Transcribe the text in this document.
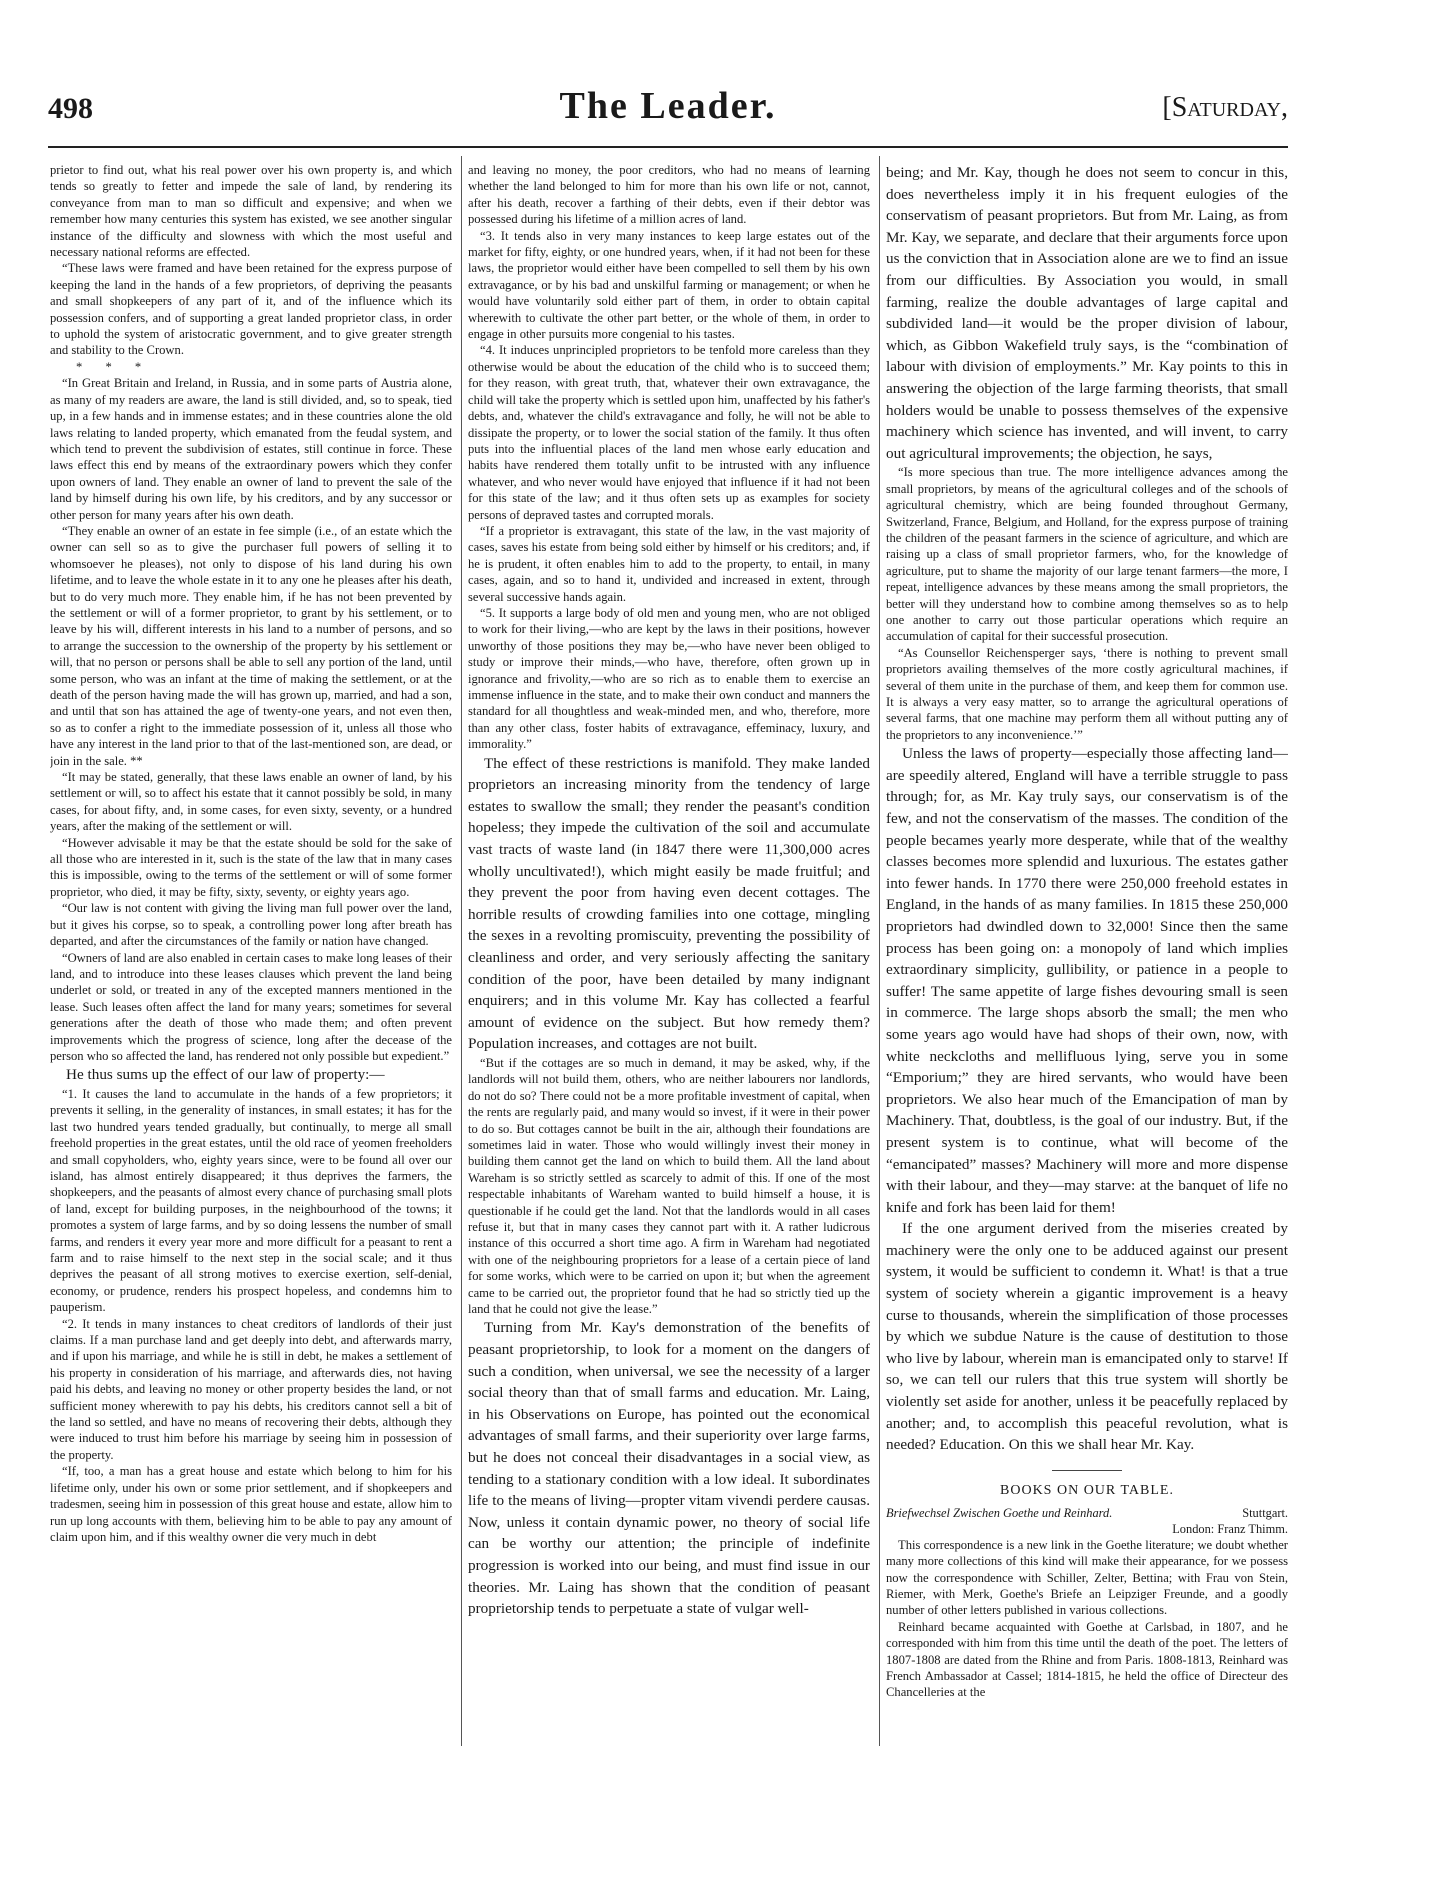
498	The Leader.	[Saturday,

prietor to find out, what his real power over his own property is, and which tends so greatly to fetter and impede the sale of land, by rendering its conveyance from man to man so difficult and expensive; and when we remember how many centuries this system has existed, we see another singular instance of the difficulty and slowness with which the most useful and necessary national reforms are effected.

“These laws were framed and have been retained for the express purpose of keeping the land in the hands of a few proprietors, of depriving the peasants and small shopkeepers of any part of it, and of the influence which its possession confers, and of supporting a great landed proprietor class, in order to uphold the system of aristocratic government, and to give greater strength and stability to the Crown.

* * *

“In Great Britain and Ireland, in Russia, and in some parts of Austria alone, as many of my readers are aware, the land is still divided, and, so to speak, tied up, in a few hands and in immense estates; and in these countries alone the old laws relating to landed property, which emanated from the feudal system, and which tend to prevent the subdivision of estates, still continue in force. These laws effect this end by means of the extraordinary powers which they confer upon owners of land. They enable an owner of land to prevent the sale of the land by himself during his own life, by his creditors, and by any successor or other person for many years after his own death.

“They enable an owner of an estate in fee simple (i.e., of an estate which the owner can sell so as to give the purchaser full powers of selling it to whomsoever he pleases), not only to dispose of his land during his own lifetime, and to leave the whole estate in it to any one he pleases after his death, but to do very much more. They enable him, if he has not been prevented by the settlement or will of a former proprietor, to grant by his settlement, or to leave by his will, different interests in his land to a number of persons, and so to arrange the succession to the ownership of the property by his settlement or will, that no person or persons shall be able to sell any portion of the land, until some person, who was an infant at the time of making the settlement, or at the death of the person having made the will has grown up, married, and had a son, and until that son has attained the age of twenty-one years, and not even then, so as to confer a right to the immediate possession of it, unless all those who have any interest in the land prior to that of the last-mentioned son, are dead, or join in the sale. **

“It may be stated, generally, that these laws enable an owner of land, by his settlement or will, so to affect his estate that it cannot possibly be sold, in many cases, for about fifty, and, in some cases, for even sixty, seventy, or a hundred years, after the making of the settlement or will.

“However advisable it may be that the estate should be sold for the sake of all those who are interested in it, such is the state of the law that in many cases this is impossible, owing to the terms of the settlement or will of some former proprietor, who died, it may be fifty, sixty, seventy, or eighty years ago.

“Our law is not content with giving the living man full power over the land, but it gives his corpse, so to speak, a controlling power long after breath has departed, and after the circumstances of the family or nation have changed.

“Owners of land are also enabled in certain cases to make long leases of their land, and to introduce into these leases clauses which prevent the land being underlet or sold, or treated in any of the excepted manners mentioned in the lease. Such leases often affect the land for many years; sometimes for several generations after the death of those who made them; and often prevent improvements which the progress of science, long after the decease of the person who so affected the land, has rendered not only possible but expedient.”

He thus sums up the effect of our law of property:—

“1. It causes the land to accumulate in the hands of a few proprietors; it prevents it selling, in the generality of instances, in small estates; it has for the last two hundred years tended gradually, but continually, to merge all small freehold properties in the great estates, until the old race of yeomen freeholders and small copyholders, who, eighty years since, were to be found all over our island, has almost entirely disappeared; it thus deprives the farmers, the shopkeepers, and the peasants of almost every chance of purchasing small plots of land, except for building purposes, in the neighbourhood of the towns; it promotes a system of large farms, and by so doing lessens the number of small farms, and renders it every year more and more difficult for a peasant to rent a farm and to raise himself to the next step in the social scale; and it thus deprives the peasant of all strong motives to exercise exertion, self-denial, economy, or prudence, renders his prospect hopeless, and condemns him to pauperism.

“2. It tends in many instances to cheat creditors of landlords of their just claims. If a man purchase land and get deeply into debt, and afterwards marry, and if upon his marriage, and while he is still in debt, he makes a settlement of his property in consideration of his marriage, and afterwards dies, not having paid his debts, and leaving no money or other property besides the land, or not sufficient money wherewith to pay his debts, his creditors cannot sell a bit of the land so settled, and have no means of recovering their debts, although they were induced to trust him before his marriage by seeing him in possession of the property.

“If, too, a man has a great house and estate which belong to him for his lifetime only, under his own or some prior settlement, and if shopkeepers and tradesmen, seeing him in possession of this great house and estate, allow him to run up long accounts with them, believing him to be able to pay any amount of claim upon him, and if this wealthy owner die very much in debt

and leaving no money, the poor creditors, who had no means of learning whether the land belonged to him for more than his own life or not, cannot, after his death, recover a farthing of their debts, even if their debtor was possessed during his lifetime of a million acres of land.

“3. It tends also in very many instances to keep large estates out of the market for fifty, eighty, or one hundred years, when, if it had not been for these laws, the proprietor would either have been compelled to sell them by his own extravagance, or by his bad and unskilful farming or management; or when he would have voluntarily sold either part of them, in order to obtain capital wherewith to cultivate the other part better, or the whole of them, in order to engage in other pursuits more congenial to his tastes.

“4. It induces unprincipled proprietors to be tenfold more careless than they otherwise would be about the education of the child who is to succeed them; for they reason, with great truth, that, whatever their own extravagance, the child will take the property which is settled upon him, unaffected by his father's debts, and, whatever the child's extravagance and folly, he will not be able to dissipate the property, or to lower the social station of the family. It thus often puts into the influential places of the land men whose early education and habits have rendered them totally unfit to be intrusted with any influence whatever, and who never would have enjoyed that influence if it had not been for this state of the law; and it thus often sets up as examples for society persons of depraved tastes and corrupted morals.

“If a proprietor is extravagant, this state of the law, in the vast majority of cases, saves his estate from being sold either by himself or his creditors; and, if he is prudent, it often enables him to add to the property, to entail, in many cases, again, and so to hand it, undivided and increased in extent, through several successive hands again.

“5. It supports a large body of old men and young men, who are not obliged to work for their living,—who are kept by the laws in their positions, however unworthy of those positions they may be,—who have never been obliged to study or improve their minds,—who have, therefore, often grown up in ignorance and frivolity,—who are so rich as to enable them to exercise an immense influence in the state, and to make their own conduct and manners the standard for all thoughtless and weak-minded men, and who, therefore, more than any other class, foster habits of extravagance, effeminacy, luxury, and immorality.”

The effect of these restrictions is manifold. They make landed proprietors an increasing minority from the tendency of large estates to swallow the small; they render the peasant's condition hopeless; they impede the cultivation of the soil and accumulate vast tracts of waste land (in 1847 there were 11,300,000 acres wholly uncultivated!), which might easily be made fruitful; and they prevent the poor from having even decent cottages. The horrible results of crowding families into one cottage, mingling the sexes in a revolting promiscuity, preventing the possibility of cleanliness and order, and very seriously affecting the sanitary condition of the poor, have been detailed by many indignant enquirers; and in this volume Mr. Kay has collected a fearful amount of evidence on the subject. But how remedy them? Population increases, and cottages are not built.

“But if the cottages are so much in demand, it may be asked, why, if the landlords will not build them, others, who are neither labourers nor landlords, do not do so? There could not be a more profitable investment of capital, when the rents are regularly paid, and many would so invest, if it were in their power to do so. But cottages cannot be built in the air, although their foundations are sometimes laid in water. Those who would willingly invest their money in building them cannot get the land on which to build them. All the land about Wareham is so strictly settled as scarcely to admit of this. If one of the most respectable inhabitants of Wareham wanted to build himself a house, it is questionable if he could get the land. Not that the landlords would in all cases refuse it, but that in many cases they cannot part with it. A rather ludicrous instance of this occurred a short time ago. A firm in Wareham had negotiated with one of the neighbouring proprietors for a lease of a certain piece of land for some works, which were to be carried on upon it; but when the agreement came to be carried out, the proprietor found that he had so strictly tied up the land that he could not give the lease.”

Turning from Mr. Kay's demonstration of the benefits of peasant proprietorship, to look for a moment on the dangers of such a condition, when universal, we see the necessity of a larger social theory than that of small farms and education. Mr. Laing, in his Observations on Europe, has pointed out the economical advantages of small farms, and their superiority over large farms, but he does not conceal their disadvantages in a social view, as tending to a stationary condition with a low ideal. It subordinates life to the means of living—propter vitam vivendi perdere causas. Now, unless it contain dynamic power, no theory of social life can be worthy our attention; the principle of indefinite progression is worked into our being, and must find issue in our theories. Mr. Laing has shown that the condition of peasant proprietorship tends to perpetuate a state of vulgar well-

being; and Mr. Kay, though he does not seem to concur in this, does nevertheless imply it in his frequent eulogies of the conservatism of peasant proprietors. But from Mr. Laing, as from Mr. Kay, we separate, and declare that their arguments force upon us the conviction that in Association alone are we to find an issue from our difficulties. By Association you would, in small farming, realize the double advantages of large capital and subdivided land—it would be the proper division of labour, which, as Gibbon Wakefield truly says, is the “combination of labour with division of employments.” Mr. Kay points to this in answering the objection of the large farming theorists, that small holders would be unable to possess themselves of the expensive machinery which science has invented, and will invent, to carry out agricultural improvements; the objection, he says,

“Is more specious than true. The more intelligence advances among the small proprietors, by means of the agricultural colleges and of the schools of agricultural chemistry, which are being founded throughout Germany, Switzerland, France, Belgium, and Holland, for the express purpose of training the children of the peasant farmers in the science of agriculture, and which are raising up a class of small proprietor farmers, who, for the knowledge of agriculture, put to shame the majority of our large tenant farmers—the more, I repeat, intelligence advances by these means among the small proprietors, the better will they understand how to combine among themselves so as to help one another to carry out those particular operations which require an accumulation of capital for their successful prosecution.

“As Counsellor Reichensperger says, ‘there is nothing to prevent small proprietors availing themselves of the more costly agricultural machines, if several of them unite in the purchase of them, and keep them for common use. It is always a very easy matter, so to arrange the agricultural operations of several farms, that one machine may perform them all without putting any of the proprietors to any inconvenience.’”

Unless the laws of property—especially those affecting land—are speedily altered, England will have a terrible struggle to pass through; for, as Mr. Kay truly says, our conservatism is of the few, and not the conservatism of the masses. The condition of the people becames yearly more desperate, while that of the wealthy classes becomes more splendid and luxurious. The estates gather into fewer hands. In 1770 there were 250,000 freehold estates in England, in the hands of as many families. In 1815 these 250,000 proprietors had dwindled down to 32,000! Since then the same process has been going on: a monopoly of land which implies extraordinary simplicity, gullibility, or patience in a people to suffer! The same appetite of large fishes devouring small is seen in commerce. The large shops absorb the small; the men who some years ago would have had shops of their own, now, with white neckcloths and mellifluous lying, serve you in some “Emporium;” they are hired servants, who would have been proprietors. We also hear much of the Emancipation of man by Machinery. That, doubtless, is the goal of our industry. But, if the present system is to continue, what will become of the “emancipated” masses? Machinery will more and more dispense with their labour, and they—may starve: at the banquet of life no knife and fork has been laid for them!

If the one argument derived from the miseries created by machinery were the only one to be adduced against our present system, it would be sufficient to condemn it. What! is that a true system of society wherein a gigantic improvement is a heavy curse to thousands, wherein the simplification of those processes by which we subdue Nature is the cause of destitution to those who live by labour, wherein man is emancipated only to starve! If so, we can tell our rulers that this true system will shortly be violently set aside for another, unless it be peacefully replaced by another; and, to accomplish this peaceful revolution, what is needed? Education. On this we shall hear Mr. Kay.

BOOKS ON OUR TABLE.

Briefwechsel Zwischen Goethe und Reinhard.	Stuttgart.

London: Franz Thimm.

This correspondence is a new link in the Goethe literature; we doubt whether many more collections of this kind will make their appearance, for we possess now the correspondence with Schiller, Zelter, Bettina; with Frau von Stein, Riemer, with Merk, Goethe's Briefe an Leipziger Freunde, and a goodly number of other letters published in various collections.

Reinhard became acquainted with Goethe at Carlsbad, in 1807, and he corresponded with him from this time until the death of the poet. The letters of 1807-1808 are dated from the Rhine and from Paris. 1808-1813, Reinhard was French Ambassador at Cassel; 1814-1815, he held the office of Directeur des Chancelleries at the
